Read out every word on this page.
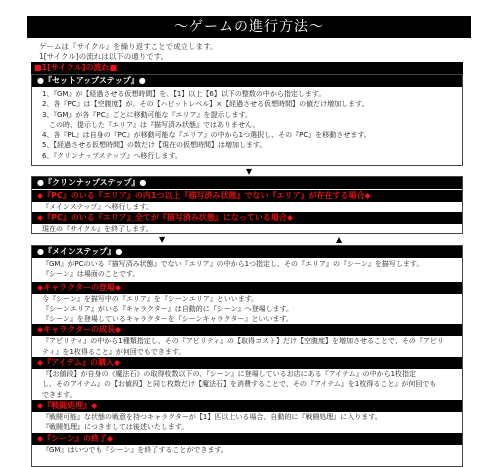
～ゲームの進行方法～
ゲームは『サイクル』を繰り返すことで成立します。
1[サイクル]の流れは以下の通りです。
■1[サイクル]の流れ■
●『セットアップステップ』●
1、『GM』が【経過させる仮想時間】を、【1】以上【6】以下の整数の中から指定します。
2、各『PC』は【空腹度】が、その【ハピットレベル】×【経過させる仮想時間】の値だけ増加します。
3、『GM』が各『PC』ごとに移動可能な『エリア』を提示します。
　この時、提示した『エリア』は『描写済み状態』ではありません。
4、各『PL』は自身の『PC』が移動可能な『エリア』の中から1つ選択し、その『PC』を移動させます。
5、【経過させる仮想時間】の数だけ【現在の仮想時間】は増加します。
6、『クリンナップステップ』へ移行します。
▼
●『クリンナップステップ』●
◆『PC』のいる『エリア』の内1つ以上『描写済み状態』でない『エリア』が存在する場合◆
『メインステップ』へ移行します。
◆『PC』のいる『エリア』全てが『描写済み状態』になっている場合◆
現在の『サイクル』を終了します。
▼	▲
●『メインステップ』●
『GM』がPCのいる『描写済み状態』でない『エリア』の中から1つ指定し、その『エリア』の『シーン』を描写します。
『シーン』は場面のことです。
◆キャラクターの登場◆
今『シーン』を描写中の『エリア』を『シーンエリア』といいます。
『シーンエリア』がいる『キャラクター』は自動的に『シーン』へ登場します。
『シーン』を登場しているキャラクターを『シーンキャラクター』といいます。
◆キャラクターの成長◆
『アビリティ』の中から1種類指定し、その『アビリティ』の【取得コスト】だけ【空腹度】を増加させることで、その『アビリ
ティ』を1枚得ること』が何回でもできます。
◆『アイテム』の購入◆
『【お値段】が自身の《魔法石》の取得枚数以下の、『シーン』に登場しているお店にある『アイテム』の中から1枚指定
し、そのアイテム』の【お値段】と同じ枚数だけ【魔法石】を消費することで、その『アイテム』を1枚得ること』が何回でも
できます。
◆『戦闘処理』◆
『戦闘可能』な状態の戦意を持つキャラクターが【1】匹以上いる場合、自動的に『戦闘処理』に入ります。
『戦闘処理』につきましては後述いたします。
◆『シーン』の終了◆
『GM』はいつでも『シーン』を終了することができます。
